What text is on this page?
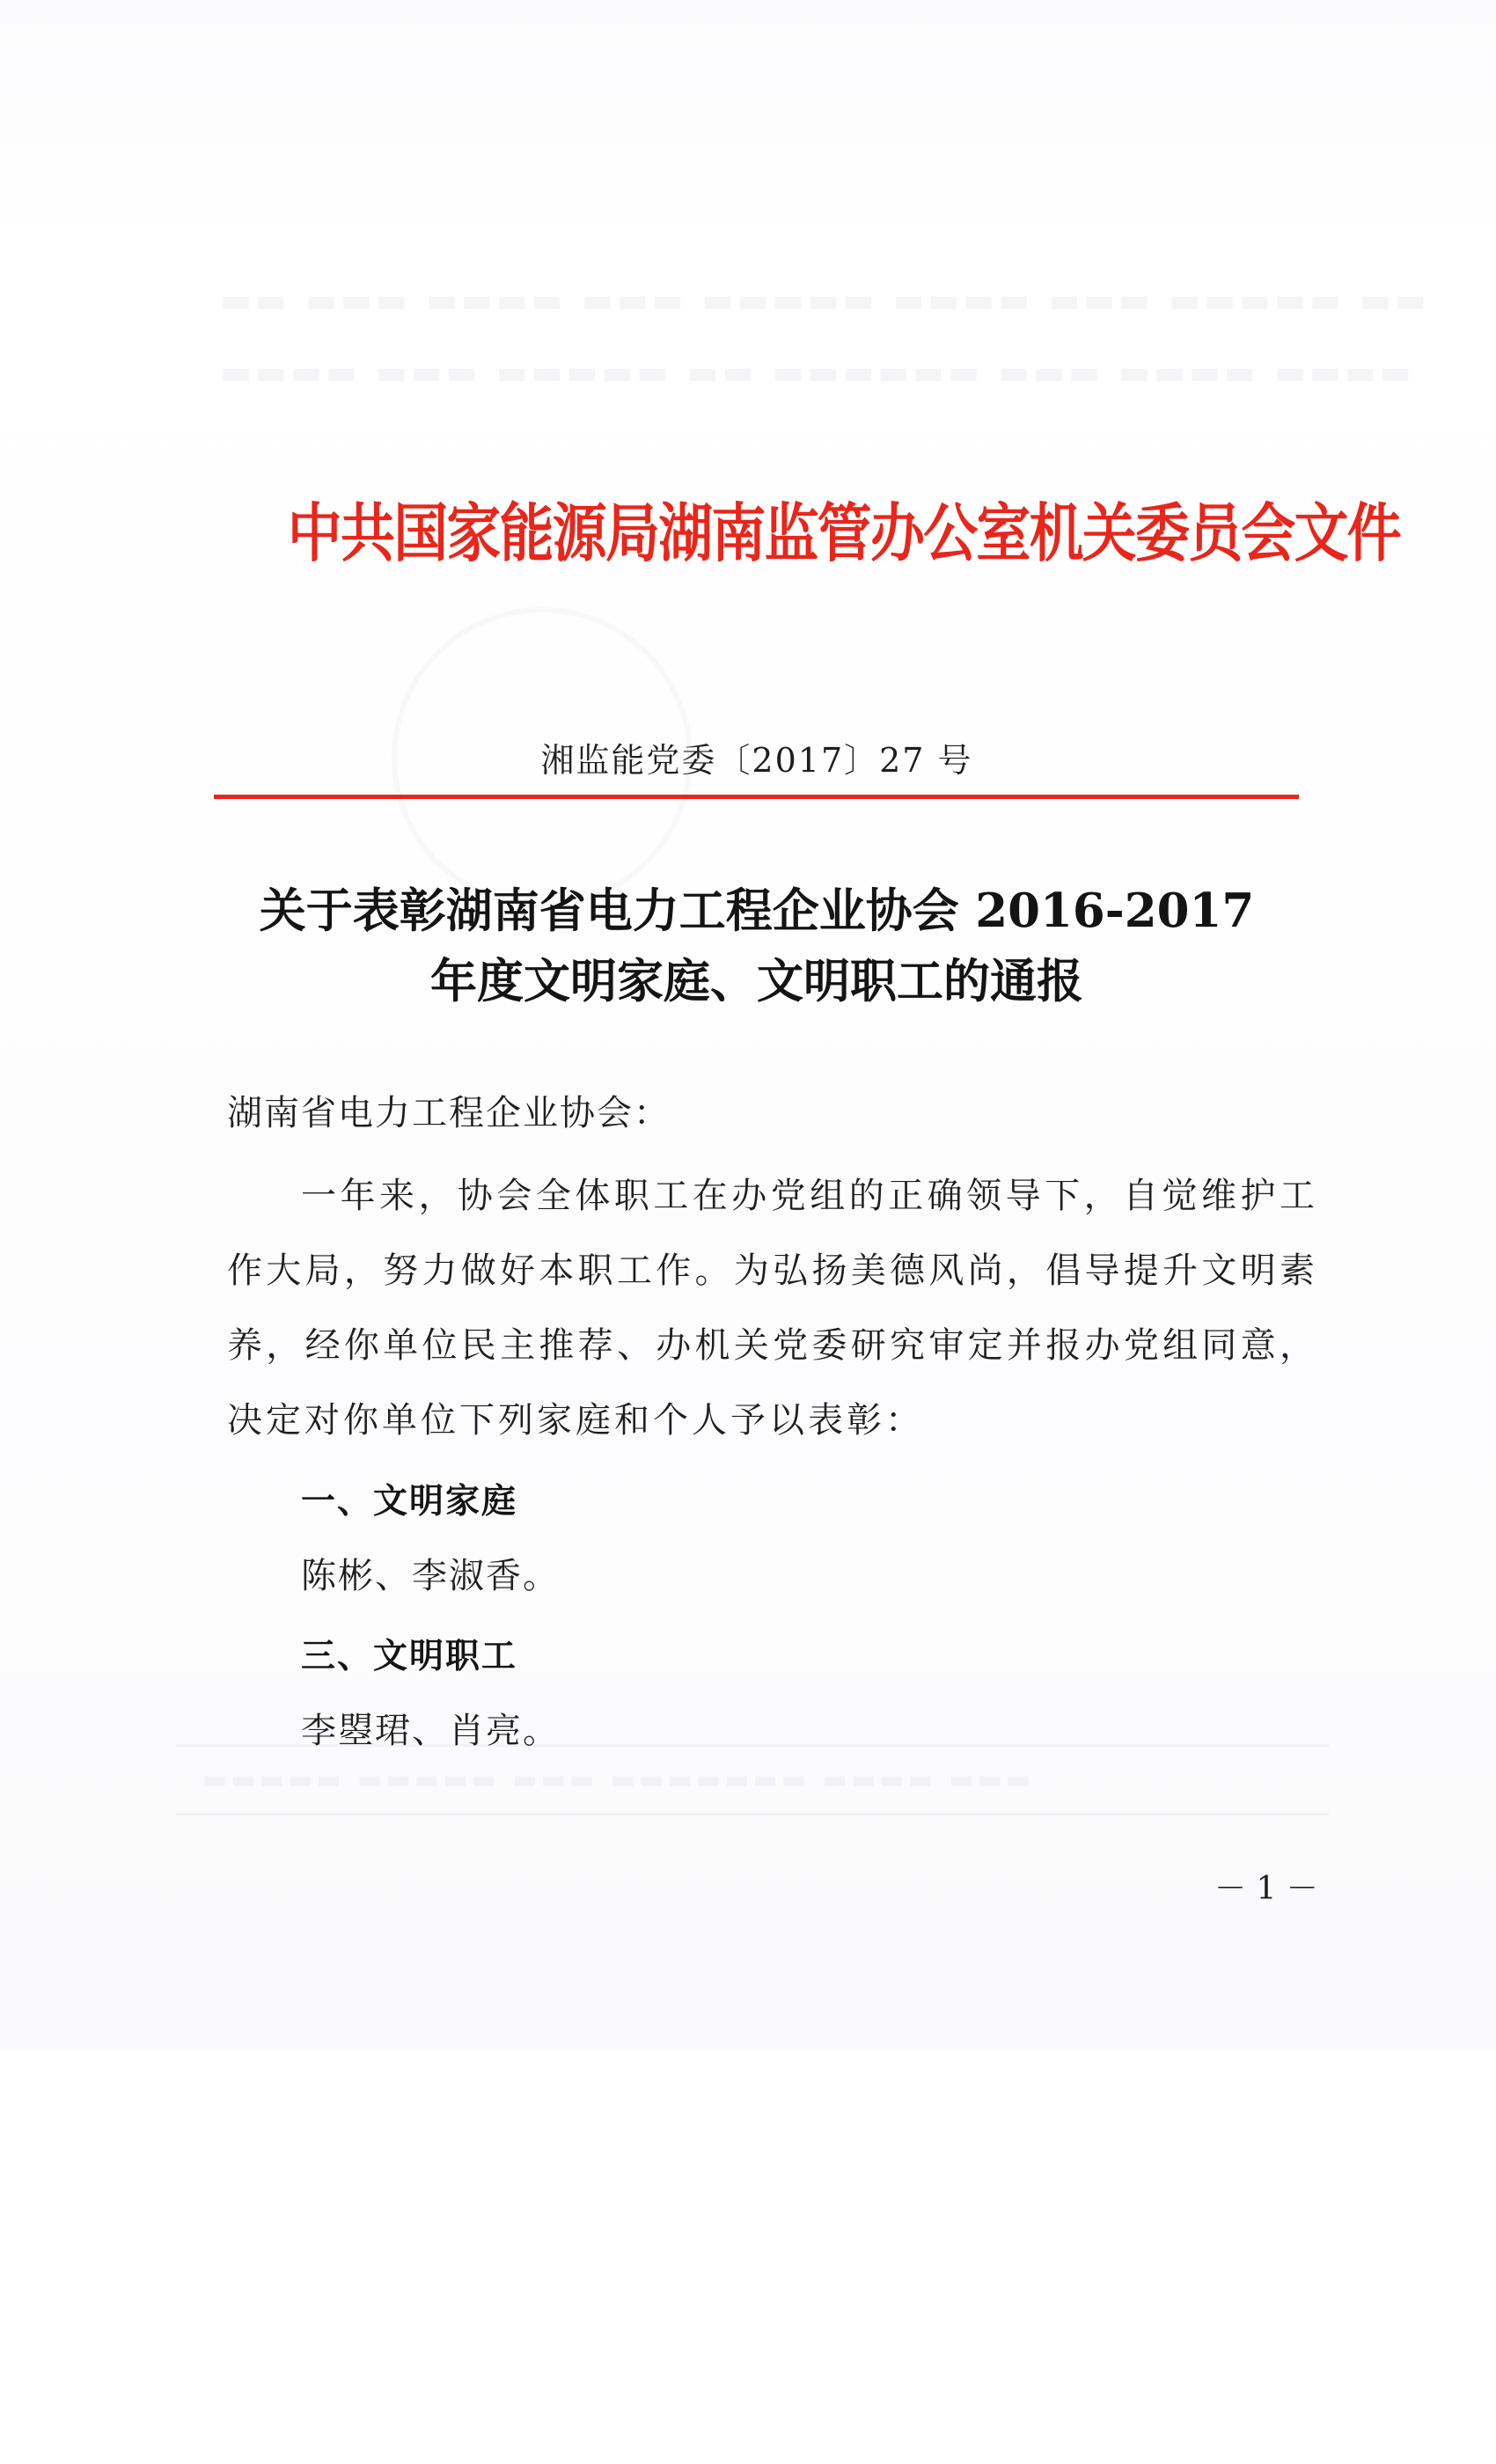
▬▬ ▬▬▬ ▬▬▬▬ ▬▬▬ ▬▬▬▬▬ ▬▬▬▬ ▬▬▬ ▬▬▬▬▬ ▬▬
▬▬▬▬ ▬▬▬ ▬▬▬▬▬ ▬▬ ▬▬▬▬▬▬ ▬▬▬ ▬▬▬▬ ▬▬▬▬
▬▬▬▬▬ ▬▬▬▬▬ ▬▬▬ ▬▬▬▬▬▬▬ ▬▬▬▬ ▬▬▬
中共国家能源局湖南监管办公室机关委员会文件
湘监能党委〔2017〕27 号
关于表彰湖南省电力工程企业协会 2016-2017
年度文明家庭、文明职工的通报

湖南省电力工程企业协会：

一年来，协会全体职工在办党组的正确领导下，自觉维护工作大局，努力做好本职工作。为弘扬美德风尚，倡导提升文明素养，经你单位民主推荐、办机关党委研究审定并报办党组同意，决定对你单位下列家庭和个人予以表彰：

一、文明家庭
陈彬、李淑香。
三、文明职工
李曌珺、肖亮。
－ 1 －
